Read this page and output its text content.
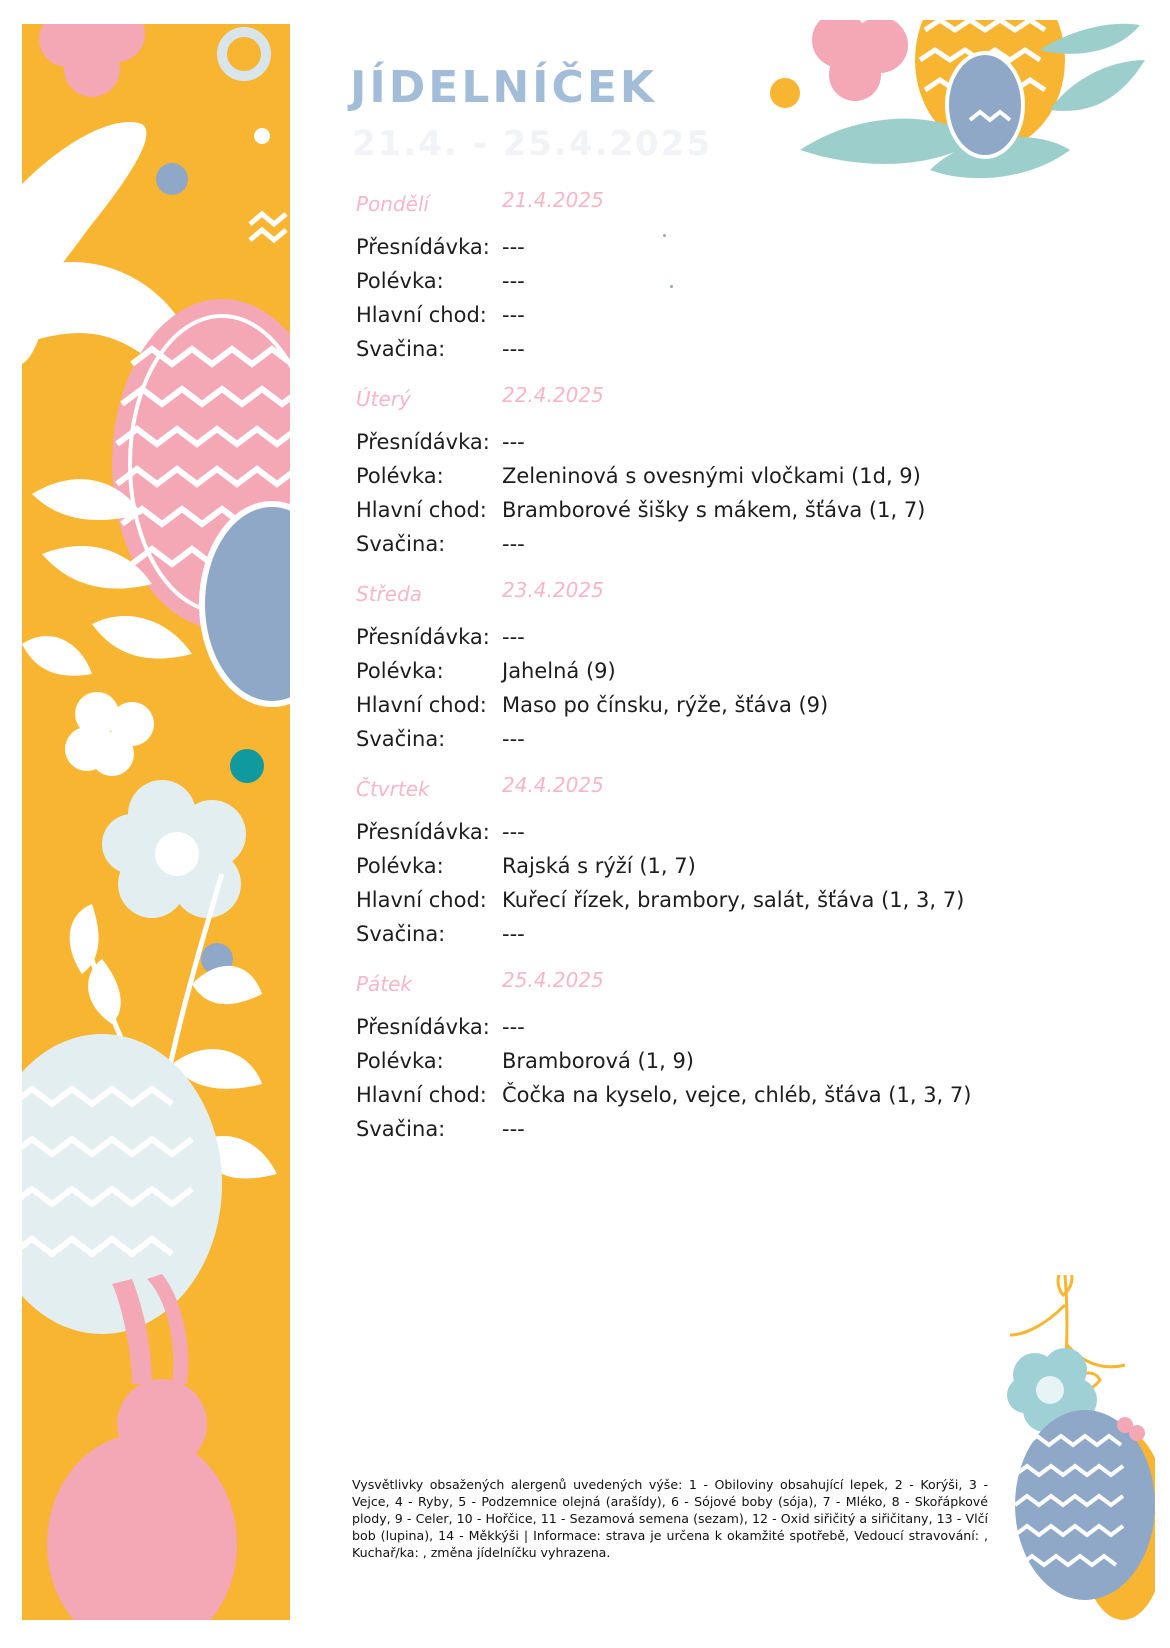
JÍDELNÍČEK
21.4. - 25.4.2025
Pondělí	21.4.2025
Přesnídávka: ---
Polévka:	---
Hlavní chod: ---
Svačina:	---
Úterý	22.4.2025
Přesnídávka: ---
Polévka:	Zeleninová s ovesnými vločkami (1d, 9)
Hlavní chod: Bramborové šišky s mákem, šťáva (1, 7)
Svačina:	---
Středa	23.4.2025
Přesnídávka: ---
Polévka:	Jahelná (9)
Hlavní chod: Maso po čínsku, rýže, šťáva (9)
Svačina:	---
Čtvrtek	24.4.2025
Přesnídávka: ---
Polévka:	Rajská s rýží (1, 7)
Hlavní chod: Kuřecí řízek, brambory, salát, šťáva (1, 3, 7)
Svačina:	---
Pátek	25.4.2025
Přesnídávka: ---
Polévka:	Bramborová (1, 9)
Hlavní chod: Čočka na kyselo, vejce, chléb, šťáva (1, 3, 7)
Svačina:	---
Vysvětlivky obsažených alergenů uvedených výše: 1 - Obiloviny obsahující lepek, 2 - Korýši, 3 - Vejce, 4 - Ryby, 5 - Podzemnice olejná (arašídy), 6 - Sójové boby (sója), 7 - Mléko, 8 - Skořápkové plody, 9 - Celer, 10 - Hořčice, 11 - Sezamová semena (sezam), 12 - Oxid siřičitý a siřičitany, 13 - Vlčí bob (lupina), 14 - Měkkýši | Informace: strava je určena k okamžité spotřebě, Vedoucí stravování: , Kuchař/ka: , změna jídelníčku vyhrazena.
